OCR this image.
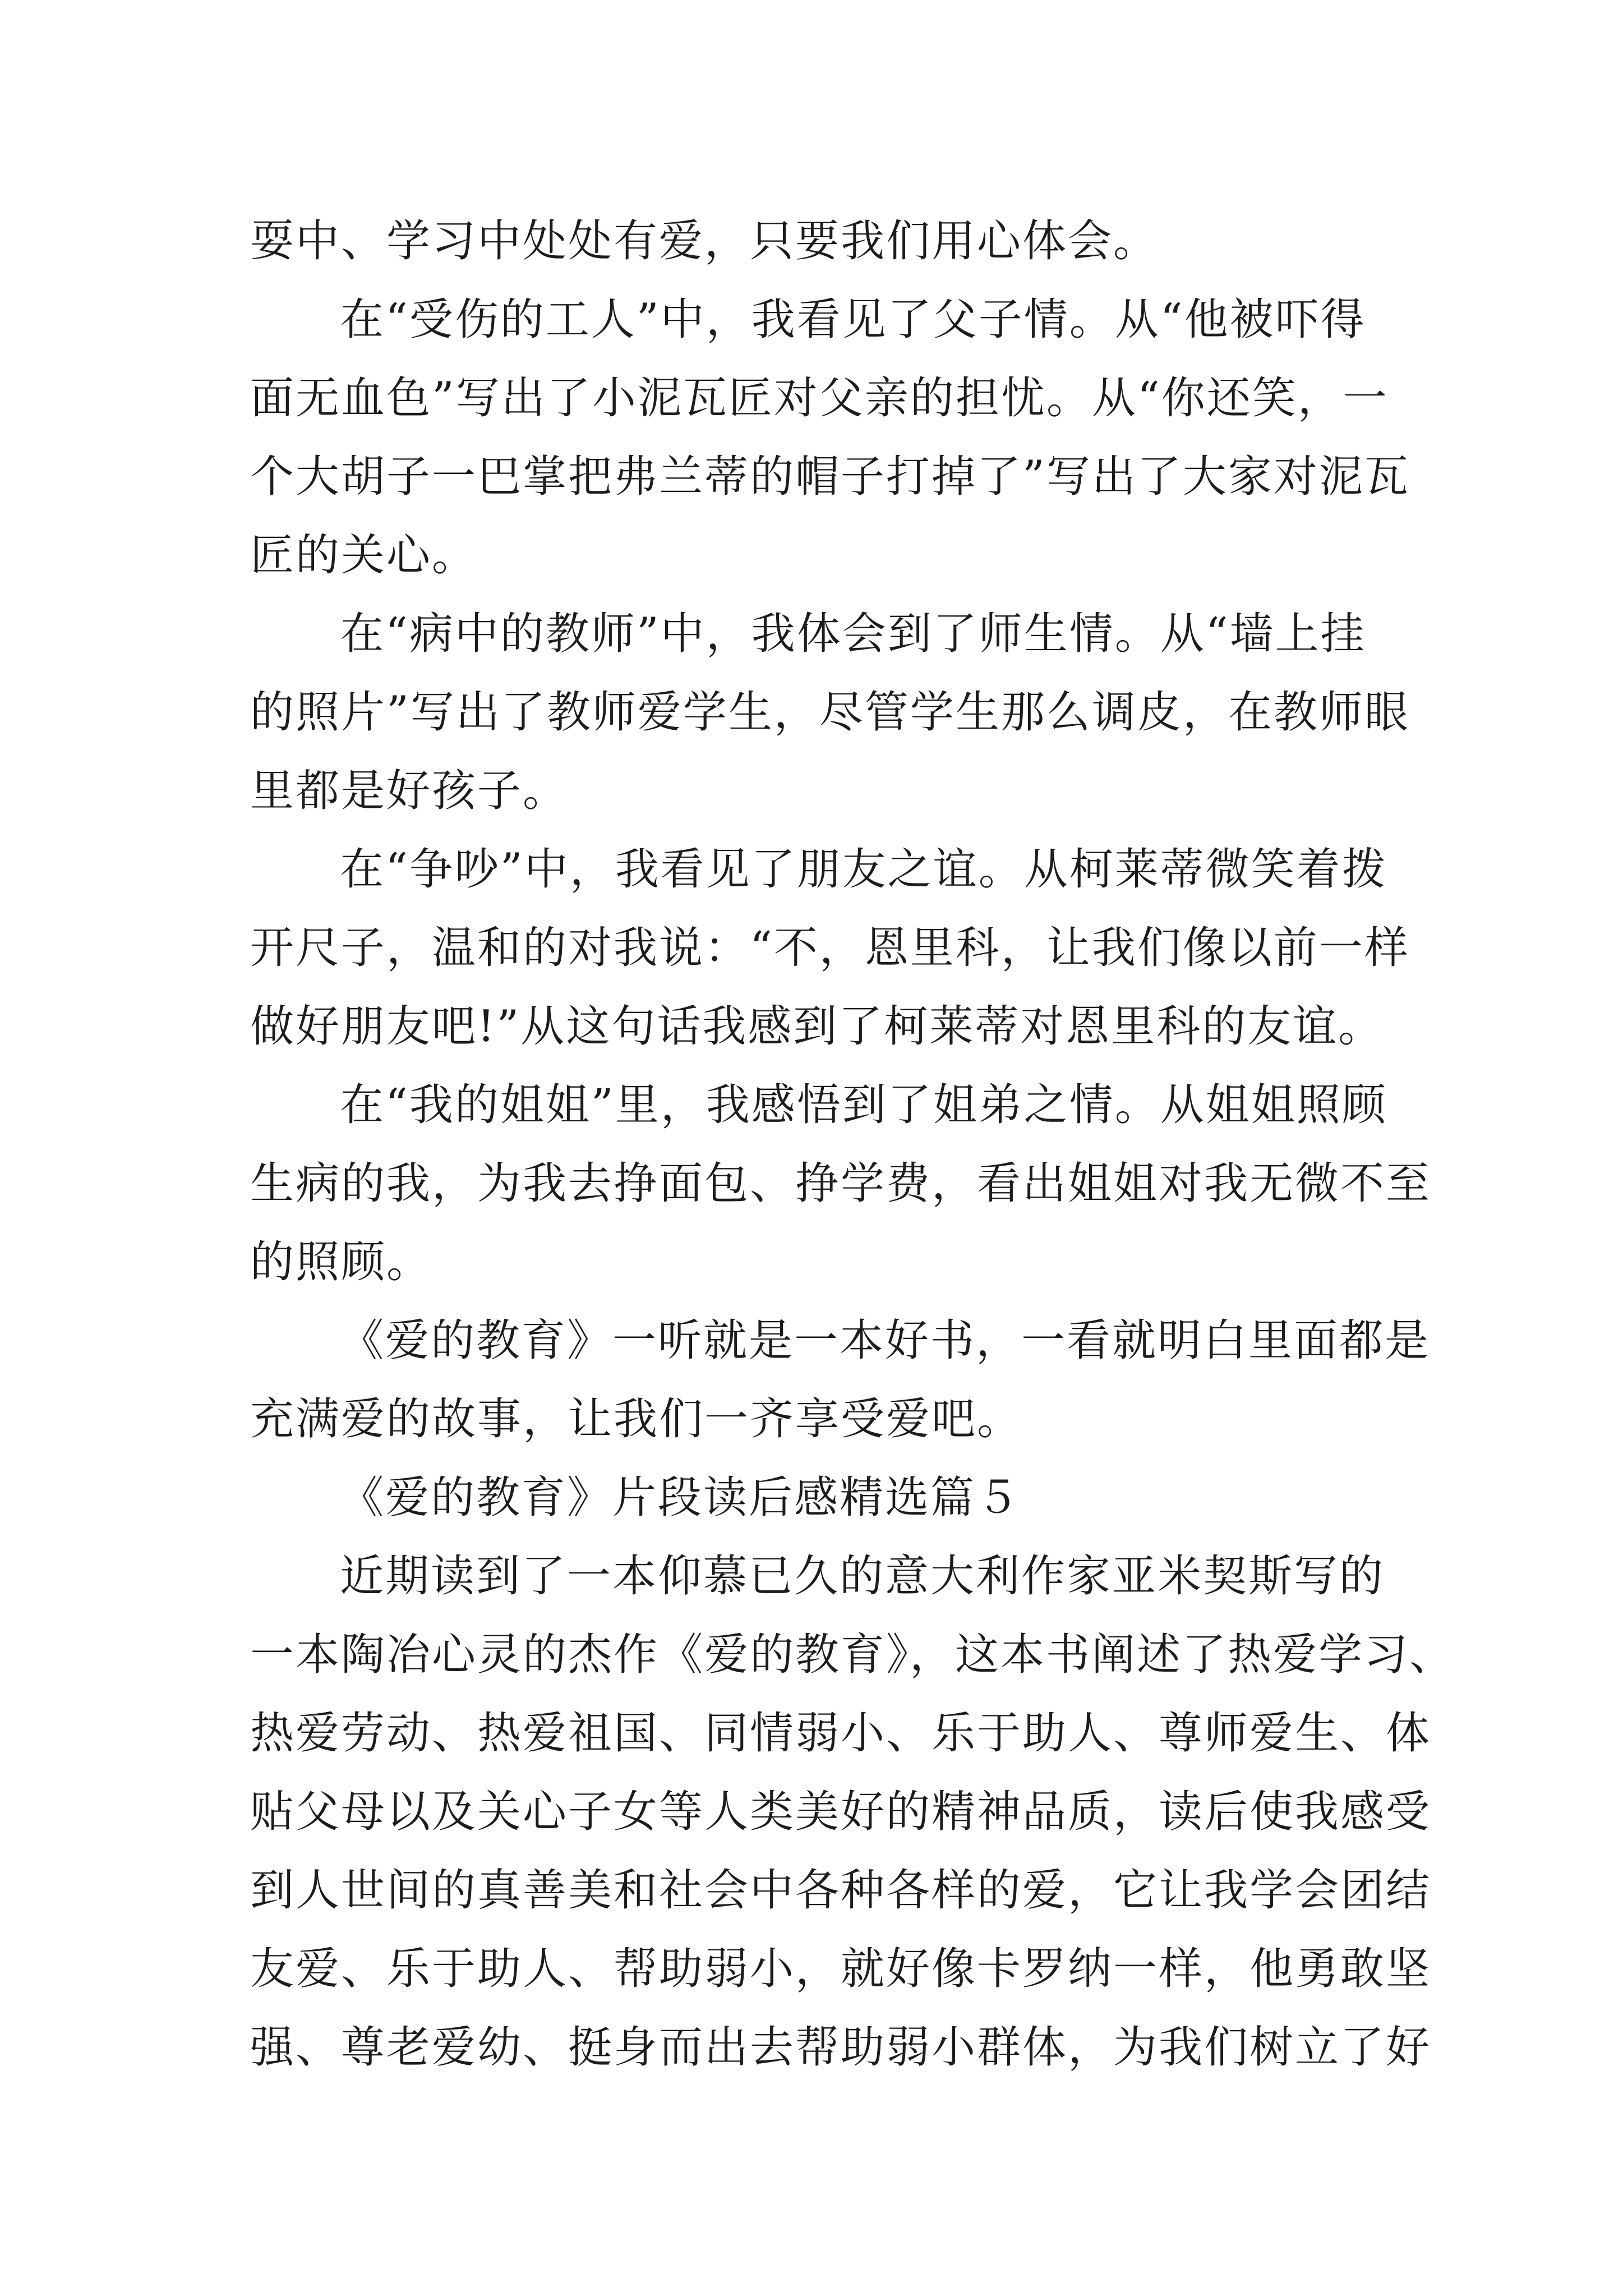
耍中、学习中处处有爱，只要我们用心体会。
在“受伤的工人”中，我看见了父子情。从“他被吓得
面无血色”写出了小泥瓦匠对父亲的担忧。从“你还笑，一
个大胡子一巴掌把弗兰蒂的帽子打掉了”写出了大家对泥瓦
匠的关心。
在“病中的教师”中，我体会到了师生情。从“墙上挂
的照片”写出了教师爱学生，尽管学生那么调皮，在教师眼
里都是好孩子。
在“争吵”中，我看见了朋友之谊。从柯莱蒂微笑着拨
开尺子，温和的对我说：“不，恩里科，让我们像以前一样
做好朋友吧!”从这句话我感到了柯莱蒂对恩里科的友谊。
在“我的姐姐”里，我感悟到了姐弟之情。从姐姐照顾
生病的我，为我去挣面包、挣学费，看出姐姐对我无微不至
的照顾。
《爱的教育》一听就是一本好书，一看就明白里面都是
充满爱的故事，让我们一齐享受爱吧。
《爱的教育》片段读后感精选篇５
近期读到了一本仰慕已久的意大利作家亚米契斯写的
一本陶冶心灵的杰作《爱的教育》，这本书阐述了热爱学习、
热爱劳动、热爱祖国、同情弱小、乐于助人、尊师爱生、体
贴父母以及关心子女等人类美好的精神品质，读后使我感受
到人世间的真善美和社会中各种各样的爱，它让我学会团结
友爱、乐于助人、帮助弱小，就好像卡罗纳一样，他勇敢坚
强、尊老爱幼、挺身而出去帮助弱小群体，为我们树立了好
